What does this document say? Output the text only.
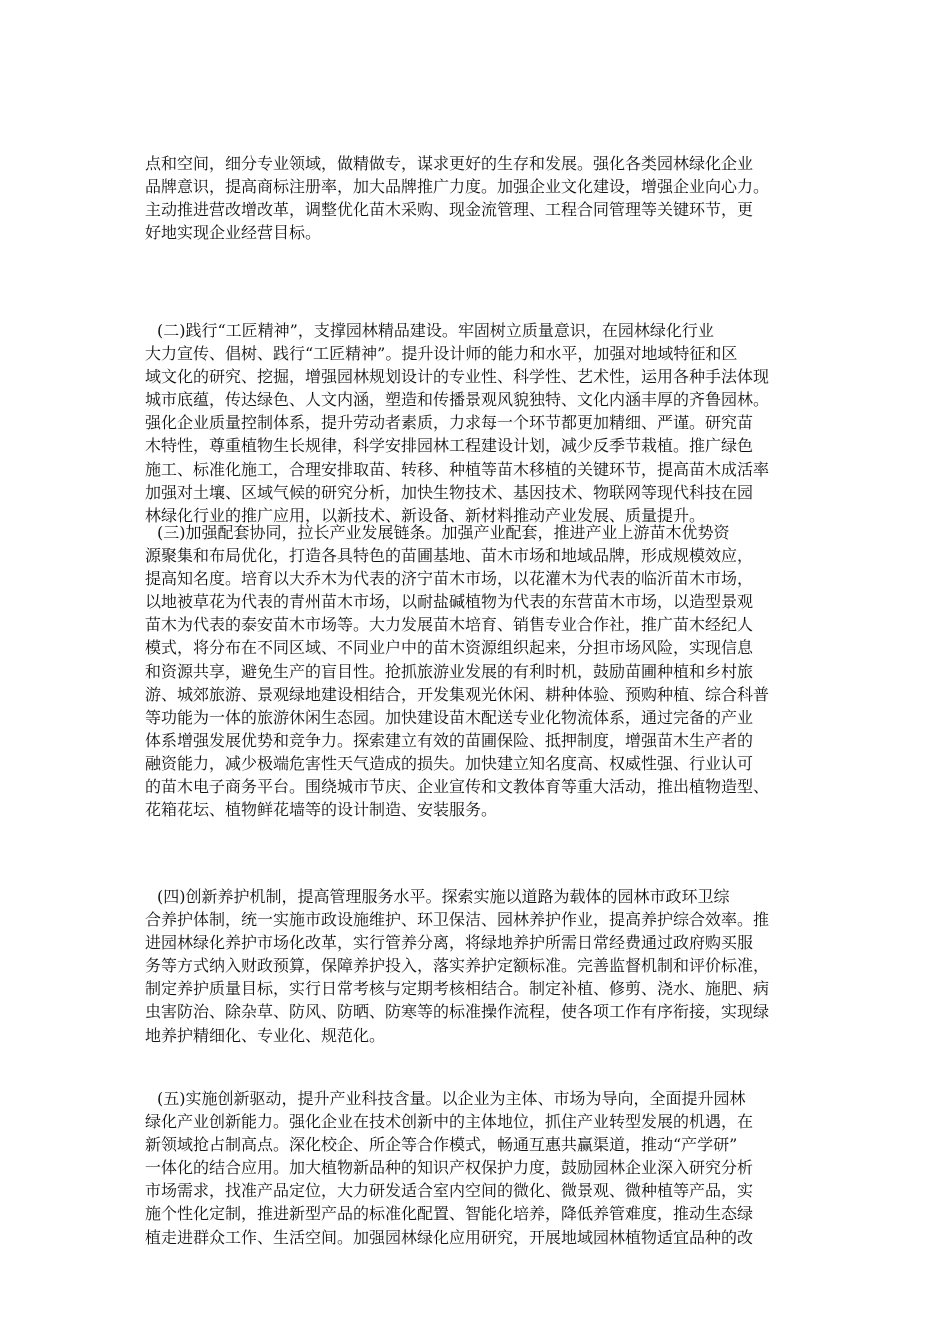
点和空间，细分专业领域，做精做专，谋求更好的生存和发展。强化各类园林绿化企业
品牌意识，提高商标注册率，加大品牌推广力度。加强企业文化建设，增强企业向心力。
主动推进营改增改革，调整优化苗木采购、现金流管理、工程合同管理等关键环节，更
好地实现企业经营目标。
(二)践行“工匠精神”，支撑园林精品建设。牢固树立质量意识，在园林绿化行业
大力宣传、倡树、践行“工匠精神”。提升设计师的能力和水平，加强对地域特征和区
域文化的研究、挖掘，增强园林规划设计的专业性、科学性、艺术性，运用各种手法体现
城市底蕴，传达绿色、人文内涵，塑造和传播景观风貌独特、文化内涵丰厚的齐鲁园林。
强化企业质量控制体系，提升劳动者素质，力求每一个环节都更加精细、严谨。研究苗
木特性，尊重植物生长规律，科学安排园林工程建设计划，减少反季节栽植。推广绿色
施工、标准化施工，合理安排取苗、转移、种植等苗木移植的关键环节，提高苗木成活率
加强对土壤、区域气候的研究分析，加快生物技术、基因技术、物联网等现代科技在园
林绿化行业的推广应用，以新技术、新设备、新材料推动产业发展、质量提升。
(三)加强配套协同，拉长产业发展链条。加强产业配套，推进产业上游苗木优势资
源聚集和布局优化，打造各具特色的苗圃基地、苗木市场和地域品牌，形成规模效应，
提高知名度。培育以大乔木为代表的济宁苗木市场，以花灌木为代表的临沂苗木市场，
以地被草花为代表的青州苗木市场，以耐盐碱植物为代表的东营苗木市场，以造型景观
苗木为代表的泰安苗木市场等。大力发展苗木培育、销售专业合作社，推广苗木经纪人
模式，将分布在不同区域、不同业户中的苗木资源组织起来，分担市场风险，实现信息
和资源共享，避免生产的盲目性。抢抓旅游业发展的有利时机，鼓励苗圃种植和乡村旅
游、城郊旅游、景观绿地建设相结合，开发集观光休闲、耕种体验、预购种植、综合科普
等功能为一体的旅游休闲生态园。加快建设苗木配送专业化物流体系，通过完备的产业
体系增强发展优势和竞争力。探索建立有效的苗圃保险、抵押制度，增强苗木生产者的
融资能力，减少极端危害性天气造成的损失。加快建立知名度高、权威性强、行业认可
的苗木电子商务平台。围绕城市节庆、企业宣传和文教体育等重大活动，推出植物造型、
花箱花坛、植物鲜花墙等的设计制造、安装服务。
(四)创新养护机制，提高管理服务水平。探索实施以道路为载体的园林市政环卫综
合养护体制，统一实施市政设施维护、环卫保洁、园林养护作业，提高养护综合效率。推
进园林绿化养护市场化改革，实行管养分离，将绿地养护所需日常经费通过政府购买服
务等方式纳入财政预算，保障养护投入，落实养护定额标准。完善监督机制和评价标准，
制定养护质量目标，实行日常考核与定期考核相结合。制定补植、修剪、浇水、施肥、病
虫害防治、除杂草、防风、防晒、防寒等的标准操作流程，使各项工作有序衔接，实现绿
地养护精细化、专业化、规范化。
(五)实施创新驱动，提升产业科技含量。以企业为主体、市场为导向，全面提升园林
绿化产业创新能力。强化企业在技术创新中的主体地位，抓住产业转型发展的机遇，在
新领域抢占制高点。深化校企、所企等合作模式，畅通互惠共赢渠道，推动“产学研”
一体化的结合应用。加大植物新品种的知识产权保护力度，鼓励园林企业深入研究分析
市场需求，找准产品定位，大力研发适合室内空间的微化、微景观、微种植等产品，实
施个性化定制，推进新型产品的标准化配置、智能化培养，降低养管难度，推动生态绿
植走进群众工作、生活空间。加强园林绿化应用研究，开展地域园林植物适宜品种的改
